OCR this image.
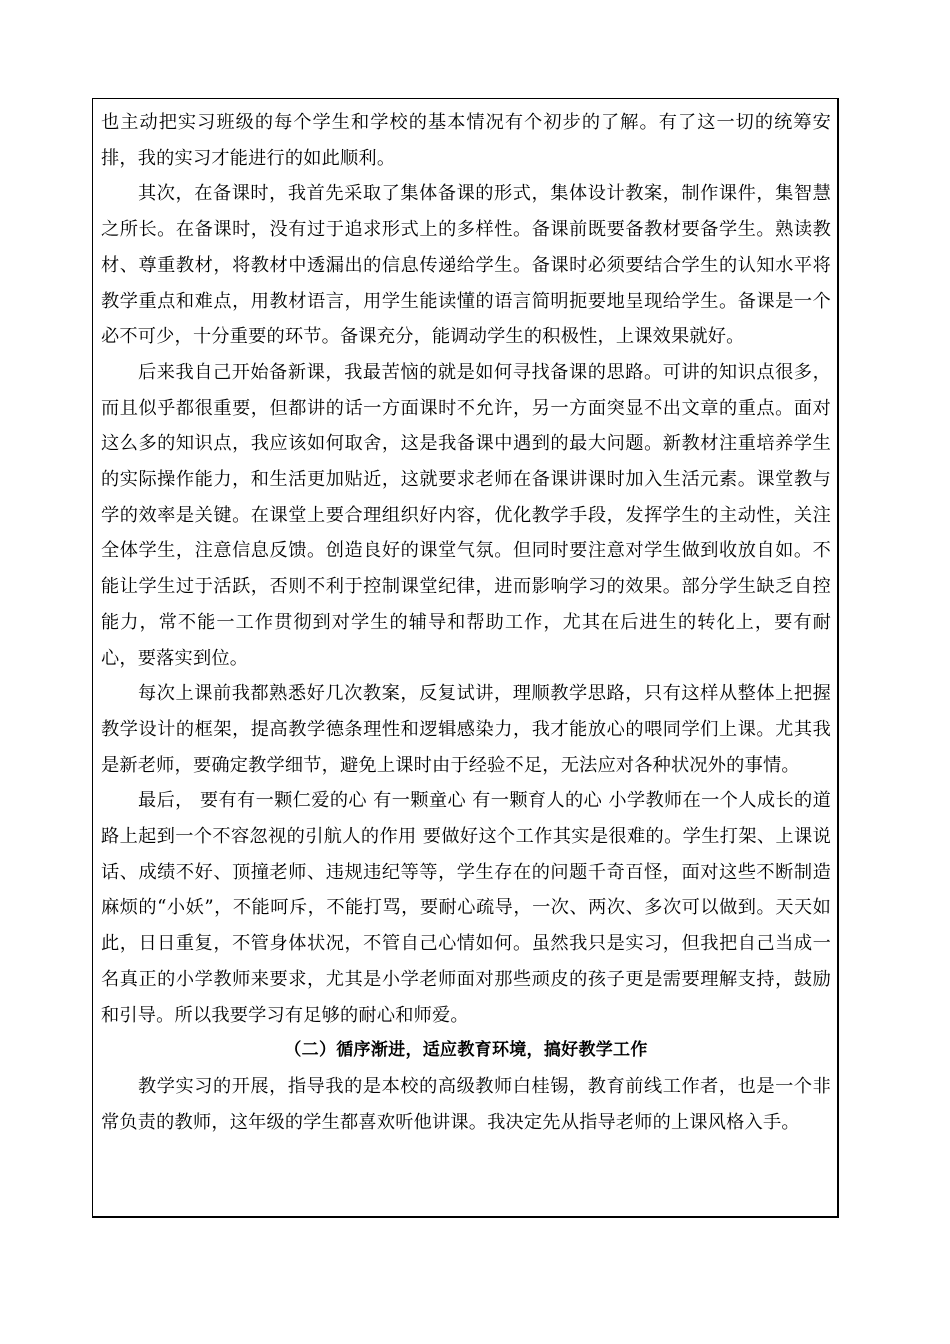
也主动把实习班级的每个学生和学校的基本情况有个初步的了解。有了这一切的统筹安排，我的实习才能进行的如此顺利。

其次，在备课时，我首先采取了集体备课的形式，集体设计教案，制作课件，集智慧之所长。在备课时，没有过于追求形式上的多样性。备课前既要备教材要备学生。熟读教材、尊重教材，将教材中透漏出的信息传递给学生。备课时必须要结合学生的认知水平将教学重点和难点，用教材语言，用学生能读懂的语言简明扼要地呈现给学生。备课是一个必不可少，十分重要的环节。备课充分，能调动学生的积极性，上课效果就好。

后来我自己开始备新课，我最苦恼的就是如何寻找备课的思路。可讲的知识点很多，而且似乎都很重要，但都讲的话一方面课时不允许，另一方面突显不出文章的重点。面对这么多的知识点，我应该如何取舍，这是我备课中遇到的最大问题。新教材注重培养学生的实际操作能力，和生活更加贴近，这就要求老师在备课讲课时加入生活元素。课堂教与学的效率是关键。在课堂上要合理组织好内容，优化教学手段，发挥学生的主动性，关注全体学生，注意信息反馈。创造良好的课堂气氛。但同时要注意对学生做到收放自如。不能让学生过于活跃，否则不利于控制课堂纪律，进而影响学习的效果。部分学生缺乏自控能力，常不能一工作贯彻到对学生的辅导和帮助工作，尤其在后进生的转化上，要有耐心，要落实到位。

每次上课前我都熟悉好几次教案，反复试讲，理顺教学思路，只有这样从整体上把握教学设计的框架，提高教学德条理性和逻辑感染力，我才能放心的喂同学们上课。尤其我是新老师，要确定教学细节，避免上课时由于经验不足，无法应对各种状况外的事情。

最后， 要有有一颗仁爱的心 有一颗童心 有一颗育人的心 小学教师在一个人成长的道路上起到一个不容忽视的引航人的作用 要做好这个工作其实是很难的。学生打架、上课说话、成绩不好、顶撞老师、违规违纪等等，学生存在的问题千奇百怪，面对这些不断制造麻烦的“小妖”，不能呵斥，不能打骂，要耐心疏导，一次、两次、多次可以做到。天天如此，日日重复，不管身体状况，不管自己心情如何。虽然我只是实习，但我把自己当成一名真正的小学教师来要求，尤其是小学老师面对那些顽皮的孩子更是需要理解支持，鼓励和引导。所以我要学习有足够的耐心和师爱。

（二）循序渐进，适应教育环境，搞好教学工作

教学实习的开展，指导我的是本校的高级教师白桂锡，教育前线工作者，也是一个非常负责的教师，这年级的学生都喜欢听他讲课。我决定先从指导老师的上课风格入手。
